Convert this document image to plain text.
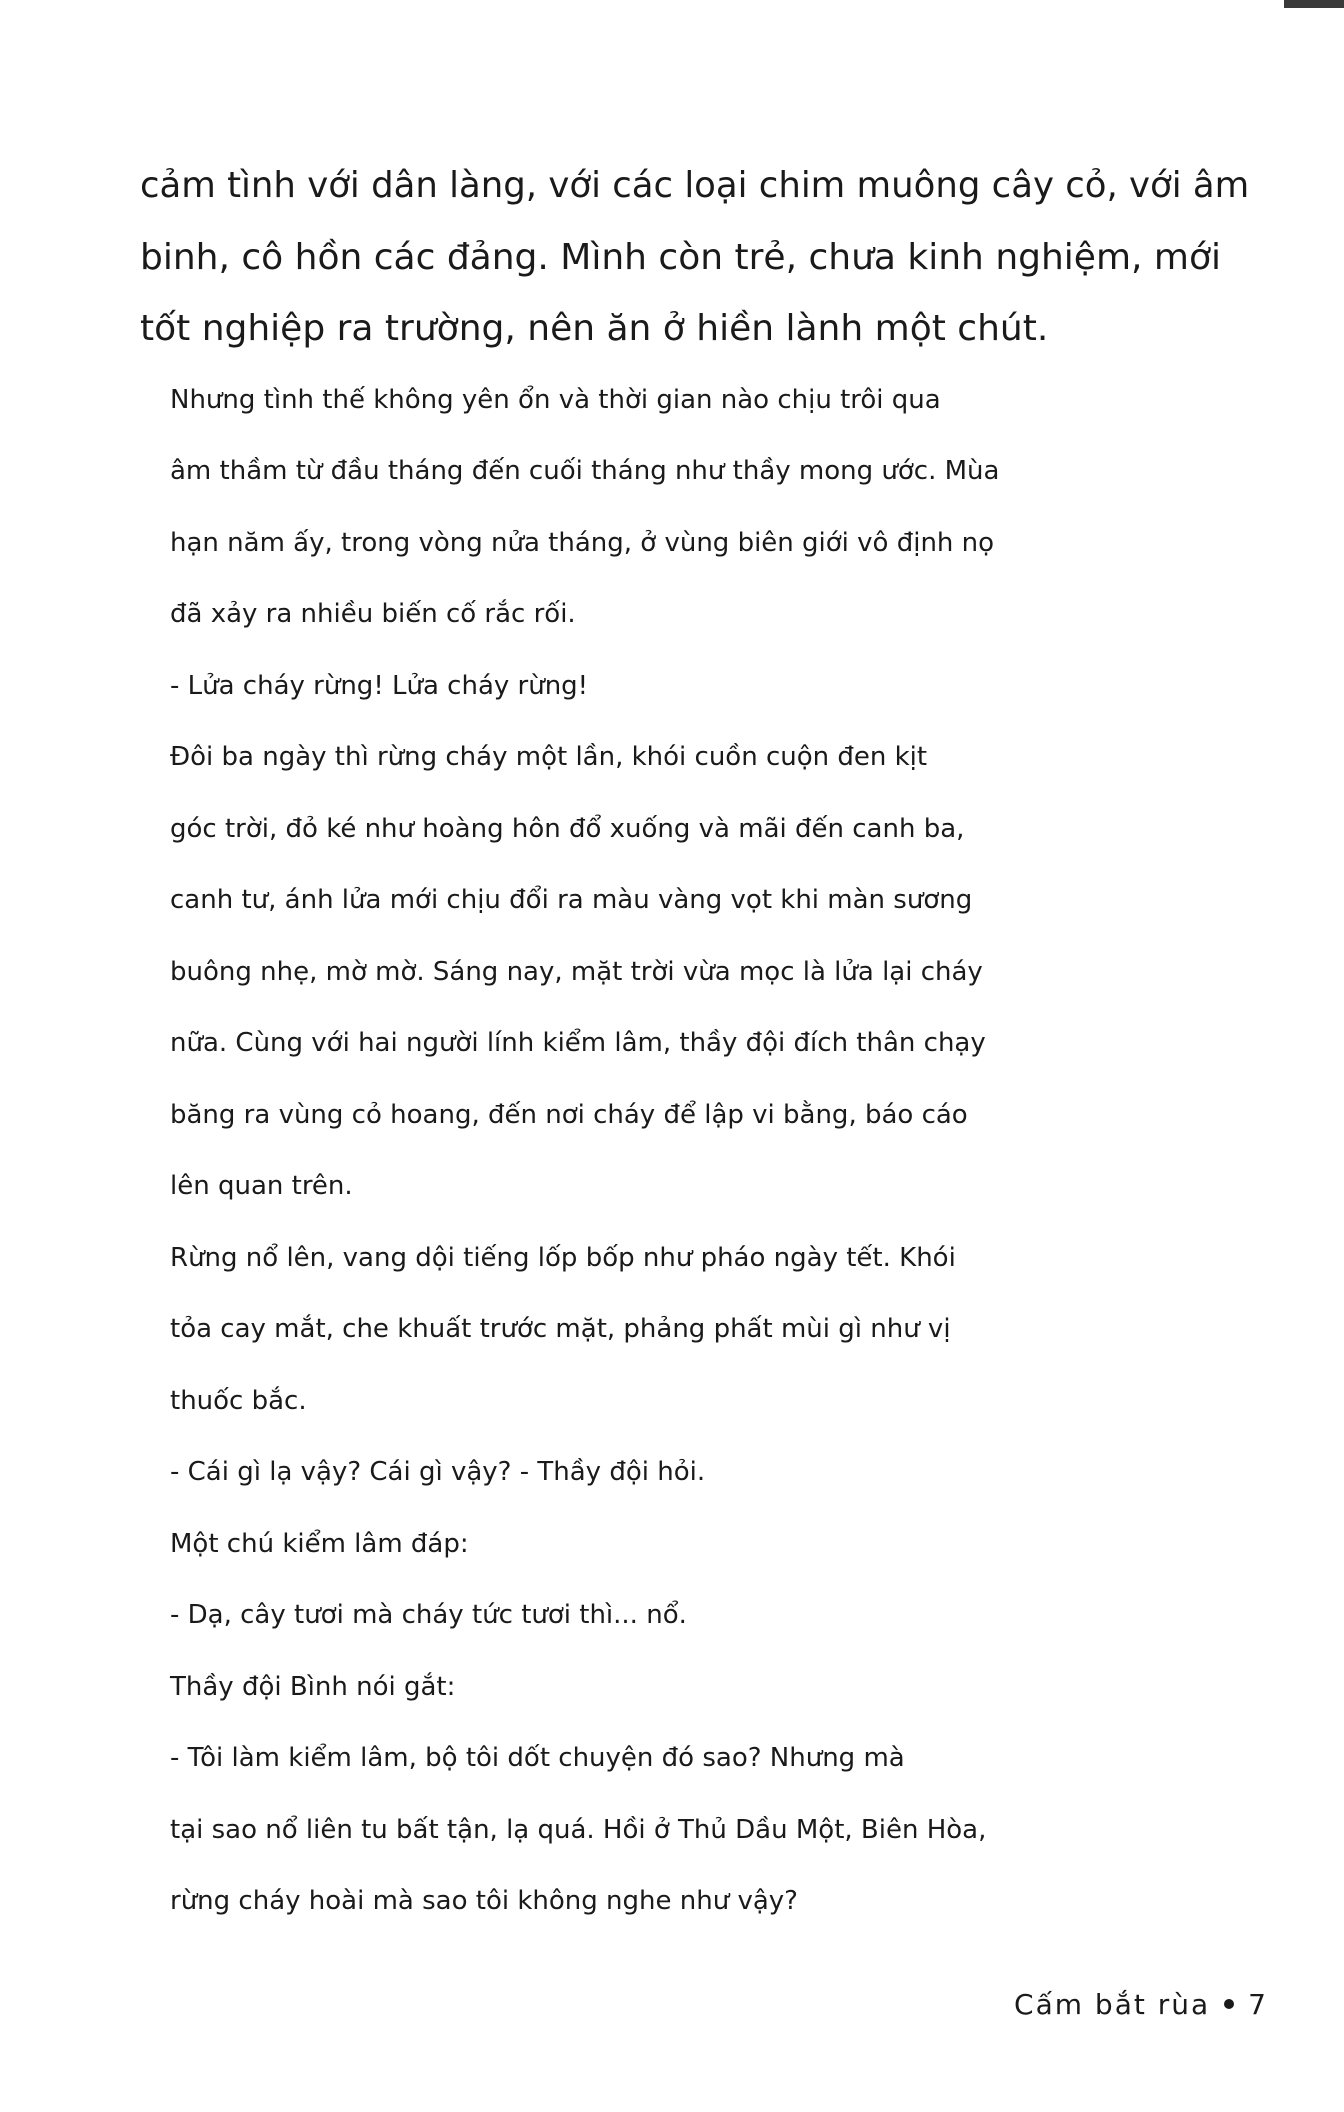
cảm tình với dân làng, với các loại chim muông cây cỏ, với âm
binh, cô hồn các đảng. Mình còn trẻ, chưa kinh nghiệm, mới
tốt nghiệp ra trường, nên ăn ở hiền lành một chút.

Nhưng tình thế không yên ổn và thời gian nào chịu trôi qua
âm thầm từ đầu tháng đến cuối tháng như thầy mong ước. Mùa
hạn năm ấy, trong vòng nửa tháng, ở vùng biên giới vô định nọ
đã xảy ra nhiều biến cố rắc rối.

- Lửa cháy rừng! Lửa cháy rừng!

Đôi ba ngày thì rừng cháy một lần, khói cuồn cuộn đen kịt
góc trời, đỏ ké như hoàng hôn đổ xuống và mãi đến canh ba,
canh tư, ánh lửa mới chịu đổi ra màu vàng vọt khi màn sương
buông nhẹ, mờ mờ. Sáng nay, mặt trời vừa mọc là lửa lại cháy
nữa. Cùng với hai người lính kiểm lâm, thầy đội đích thân chạy
băng ra vùng cỏ hoang, đến nơi cháy để lập vi bằng, báo cáo
lên quan trên.

Rừng nổ lên, vang dội tiếng lốp bốp như pháo ngày tết. Khói
tỏa cay mắt, che khuất trước mặt, phảng phất mùi gì như vị
thuốc bắc.

- Cái gì lạ vậy? Cái gì vậy? - Thầy đội hỏi.

Một chú kiểm lâm đáp:

- Dạ, cây tươi mà cháy tức tươi thì... nổ.

Thầy đội Bình nói gắt:

- Tôi làm kiểm lâm, bộ tôi dốt chuyện đó sao? Nhưng mà
tại sao nổ liên tu bất tận, lạ quá. Hồi ở Thủ Dầu Một, Biên Hòa,
rừng cháy hoài mà sao tôi không nghe như vậy?

Cấm bắt rùa 7
